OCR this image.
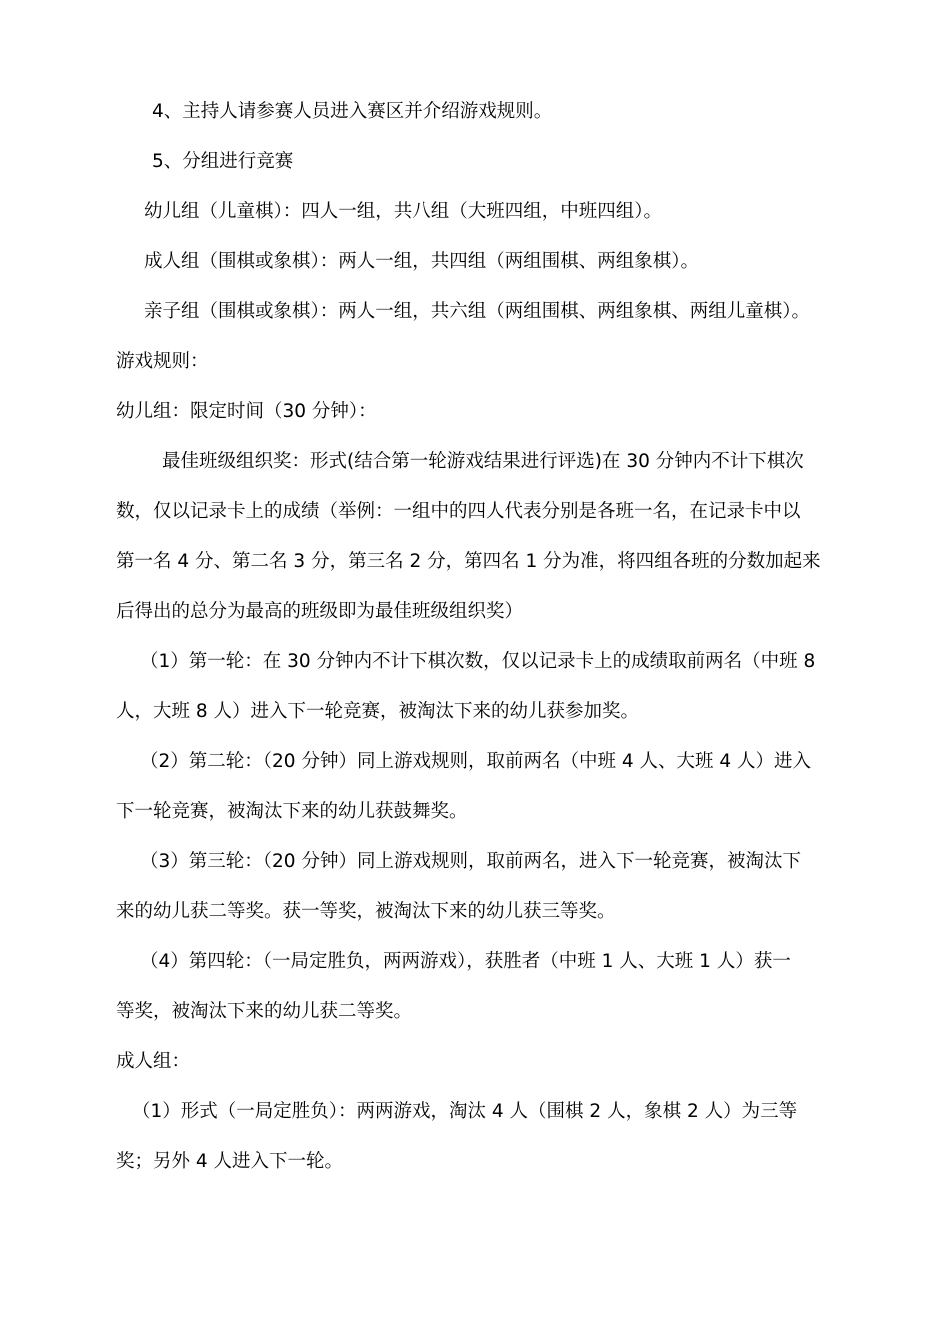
4、主持人请参赛人员进入赛区并介绍游戏规则。
5、分组进行竞赛
幼儿组（儿童棋）：四人一组，共八组（大班四组，中班四组）。
成人组（围棋或象棋）：两人一组，共四组（两组围棋、两组象棋）。
亲子组（围棋或象棋）：两人一组，共六组（两组围棋、两组象棋、两组儿童棋）。
游戏规则：
幼儿组：限定时间（30 分钟）：
最佳班级组织奖：形式(结合第一轮游戏结果进行评选)在 30 分钟内不计下棋次
数，仅以记录卡上的成绩（举例：一组中的四人代表分别是各班一名，在记录卡中以
第一名 4 分、第二名 3 分，第三名 2 分，第四名 1 分为准，将四组各班的分数加起来
后得出的总分为最高的班级即为最佳班级组织奖）
（1）第一轮：在 30 分钟内不计下棋次数，仅以记录卡上的成绩取前两名（中班 8
人，大班 8 人）进入下一轮竞赛，被淘汰下来的幼儿获参加奖。
（2）第二轮：（20 分钟）同上游戏规则，取前两名（中班 4 人、大班 4 人）进入
下一轮竞赛，被淘汰下来的幼儿获鼓舞奖。
（3）第三轮：（20 分钟）同上游戏规则，取前两名，进入下一轮竞赛，被淘汰下
来的幼儿获二等奖。获一等奖，被淘汰下来的幼儿获三等奖。
（4）第四轮：（一局定胜负，两两游戏），获胜者（中班 1 人、大班 1 人）获一
等奖，被淘汰下来的幼儿获二等奖。
成人组：
（1）形式（一局定胜负）：两两游戏，淘汰 4 人（围棋 2 人，象棋 2 人）为三等
奖；另外 4 人进入下一轮。
